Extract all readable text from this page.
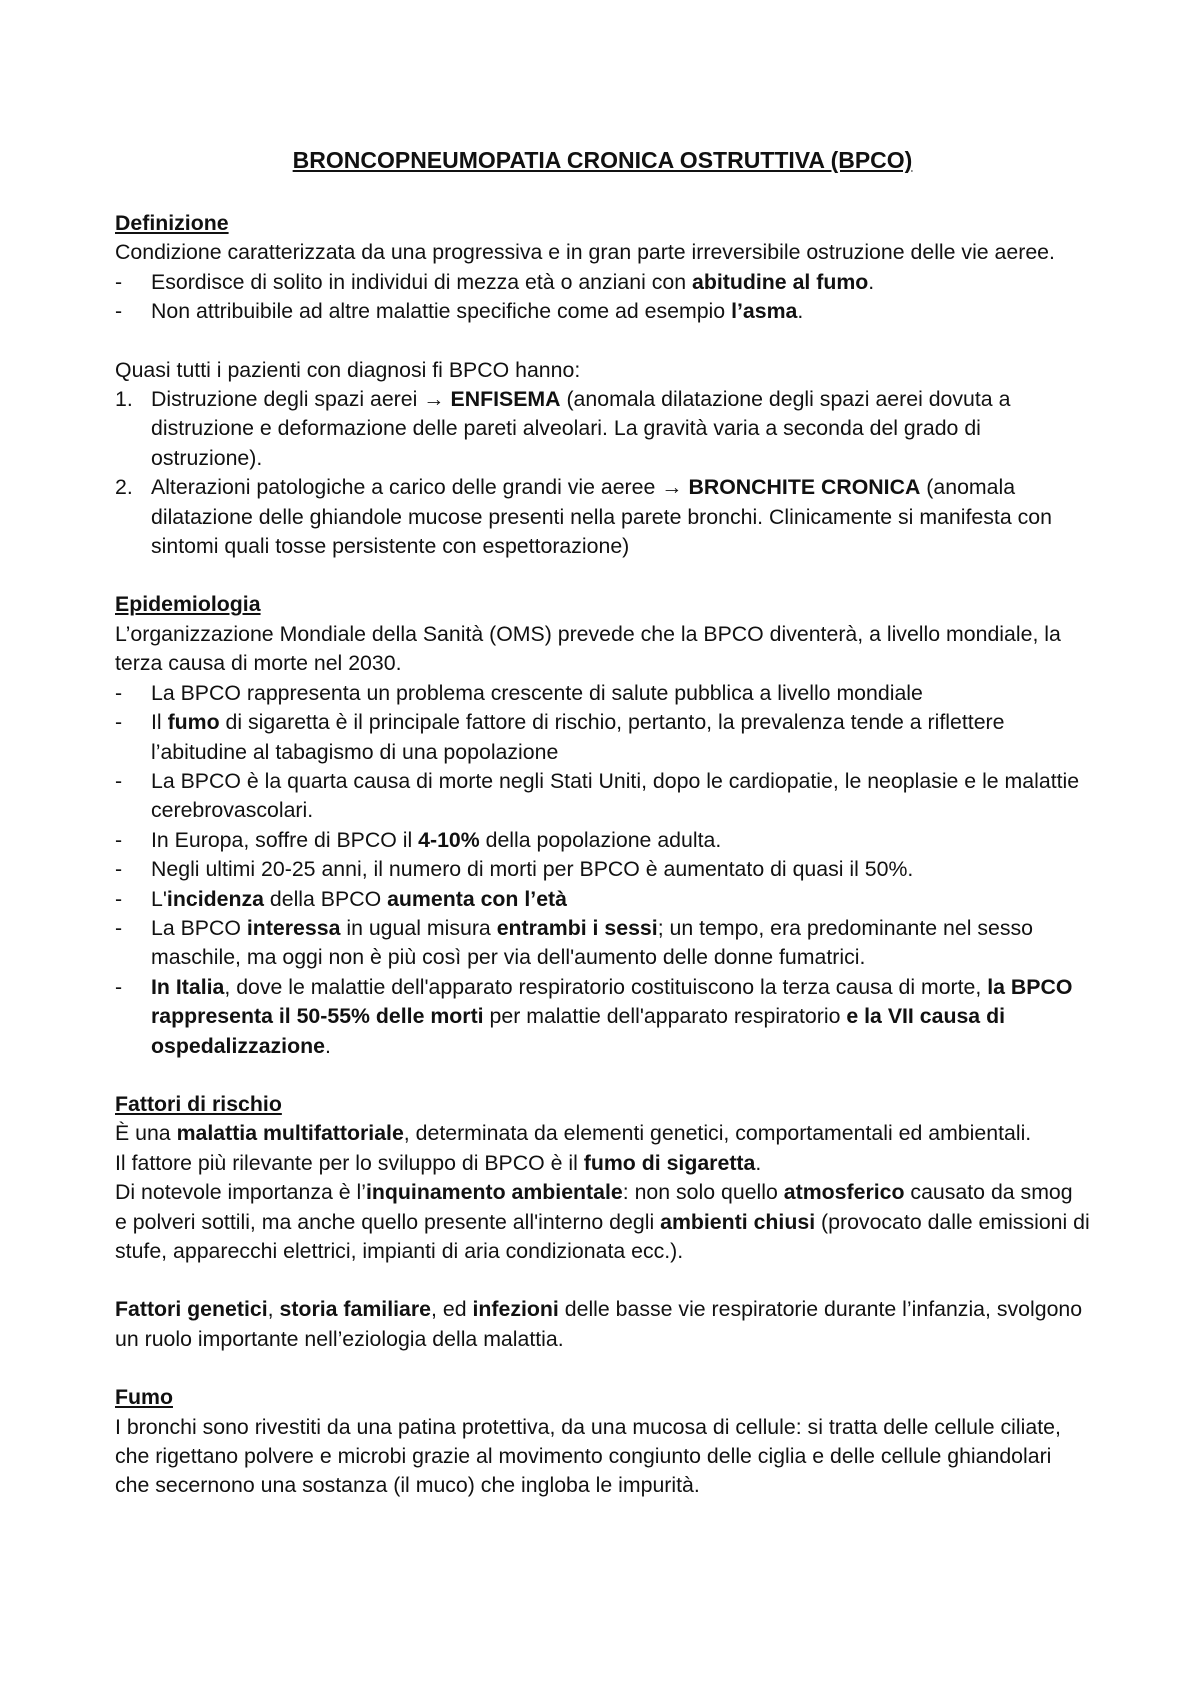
BRONCOPNEUMOPATIA CRONICA OSTRUTTIVA (BPCO)

Definizione

Condizione caratterizzata da una progressiva e in gran parte irreversibile ostruzione delle vie aeree.

- Esordisce di solito in individui di mezza età o anziani con abitudine al fumo.
- Non attribuibile ad altre malattie specifiche come ad esempio l’asma.

Quasi tutti i pazienti con diagnosi fi BPCO hanno:

1. Distruzione degli spazi aerei → ENFISEMA (anomala dilatazione degli spazi aerei dovuta a distruzione e deformazione delle pareti alveolari. La gravità varia a seconda del grado di ostruzione).
2. Alterazioni patologiche a carico delle grandi vie aeree → BRONCHITE CRONICA (anomala dilatazione delle ghiandole mucose presenti nella parete bronchi. Clinicamente si manifesta con sintomi quali tosse persistente con espettorazione)

Epidemiologia

L’organizzazione Mondiale della Sanità (OMS) prevede che la BPCO diventerà, a livello mondiale, la terza causa di morte nel 2030.

- La BPCO rappresenta un problema crescente di salute pubblica a livello mondiale
- Il fumo di sigaretta è il principale fattore di rischio, pertanto, la prevalenza tende a riflettere l’abitudine al tabagismo di una popolazione
- La BPCO è la quarta causa di morte negli Stati Uniti, dopo le cardiopatie, le neoplasie e le malattie cerebrovascolari.
- In Europa, soffre di BPCO il 4-10% della popolazione adulta.
- Negli ultimi 20-25 anni, il numero di morti per BPCO è aumentato di quasi il 50%.
- L'incidenza della BPCO aumenta con l’età
- La BPCO interessa in ugual misura entrambi i sessi; un tempo, era predominante nel sesso maschile, ma oggi non è più così per via dell'aumento delle donne fumatrici.
- In Italia, dove le malattie dell'apparato respiratorio costituiscono la terza causa di morte, la BPCO rappresenta il 50-55% delle morti per malattie dell'apparato respiratorio e la VII causa di ospedalizzazione.

Fattori di rischio

È una malattia multifattoriale, determinata da elementi genetici, comportamentali ed ambientali.

Il fattore più rilevante per lo sviluppo di BPCO è il fumo di sigaretta.

Di notevole importanza è l’inquinamento ambientale: non solo quello atmosferico causato da smog e polveri sottili, ma anche quello presente all'interno degli ambienti chiusi (provocato dalle emissioni di stufe, apparecchi elettrici, impianti di aria condizionata ecc.).

Fattori genetici, storia familiare, ed infezioni delle basse vie respiratorie durante l’infanzia, svolgono un ruolo importante nell’eziologia della malattia.

Fumo

I bronchi sono rivestiti da una patina protettiva, da una mucosa di cellule: si tratta delle cellule ciliate, che rigettano polvere e microbi grazie al movimento congiunto delle ciglia e delle cellule ghiandolari che secernono una sostanza (il muco) che ingloba le impurità.
